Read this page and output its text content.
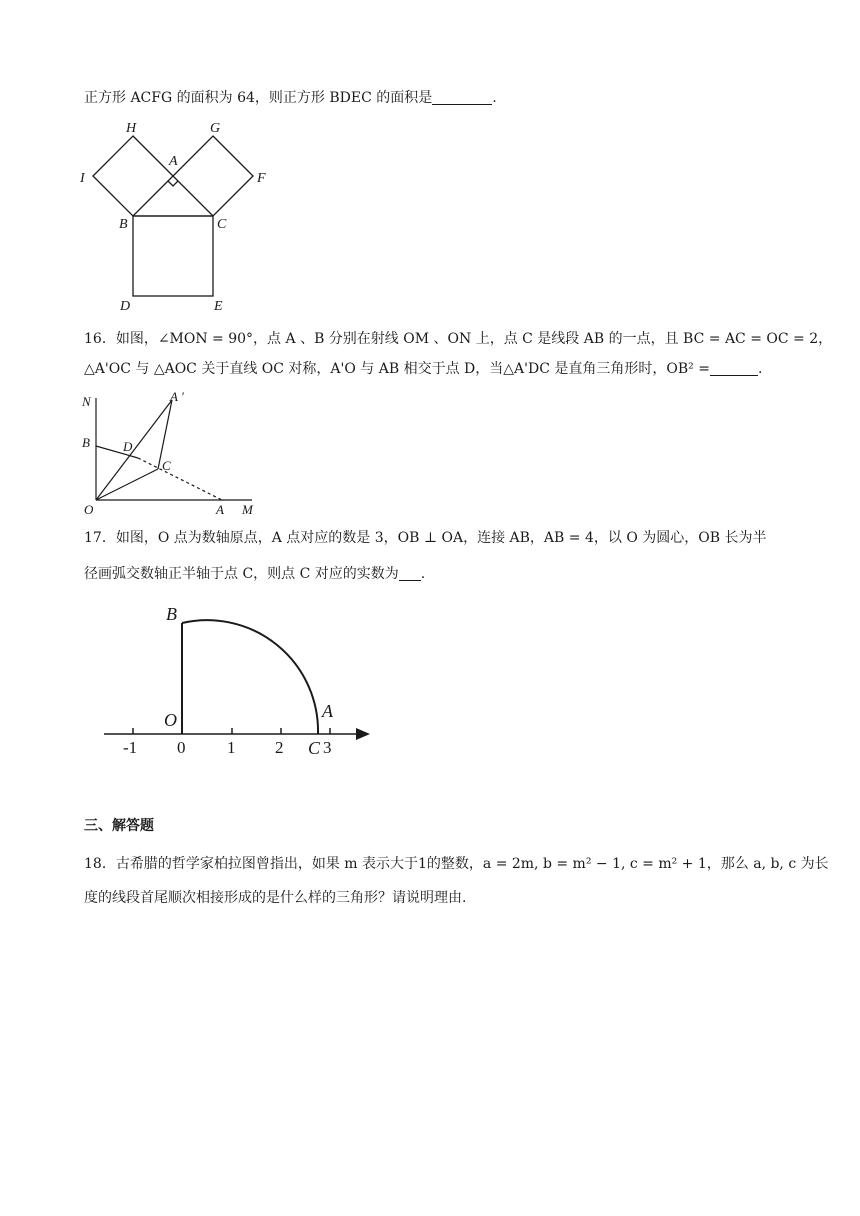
正方形 ACFG 的面积为 64，则正方形 BDEC 的面积是	.

H	G
A
I	F
B	C
D	E

16．如图，∠MON = 90°，点 A 、B 分别在射线 OM 、ON 上，点 C 是线段 AB 的一点，且 BC = AC = OC = 2，

△A'OC 与 △AOC 关于直线 OC 对称，A'O 与 AB 相交于点 D，当△A'DC 是直角三角形时，OB² =	.

N	A ′
B	D
C
O	A M

17．如图，O 点为数轴原点，A 点对应的数是 3，OB ⊥ OA，连接 AB，AB = 4，以 O 为圆心，OB 长为半

径画弧交数轴正半轴于点 C，则点 C 对应的实数为 .

B
O	A
C
-1 0 1 2 3

三、解答题

18．古希腊的哲学家柏拉图曾指出，如果 m 表示大于1的整数，a = 2m, b = m² − 1, c = m² + 1，那么 a, b, c 为长

度的线段首尾顺次相接形成的是什么样的三角形？请说明理由.
